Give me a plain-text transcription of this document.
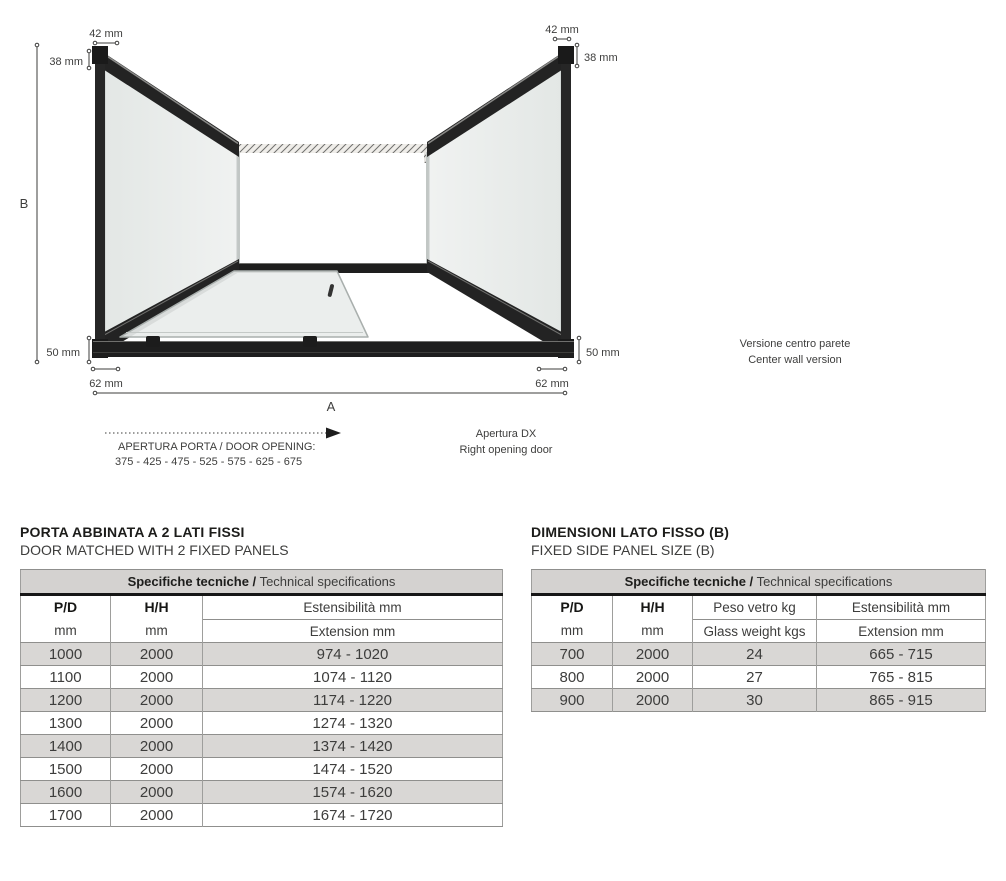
42 mm
38 mm
B
50 mm
62 mm
A
42 mm
38 mm
50 mm
62 mm
APERTURA PORTA / DOOR OPENING:
375 - 425 - 475 - 525 - 575 - 625 - 675
Apertura DX
Right opening door
Versione centro parete
Center wall version
PORTA ABBINATA A 2 LATI FISSI
DOOR MATCHED WITH 2 FIXED PANELS
Specifiche tecniche / Technical specifications		

P/D
mm

H/H
mm

Estensibilità mm
Extension mm

1000	2000	974 - 1020
1100	2000	1074 - 1120
1200	2000	1174 - 1220
1300	2000	1274 - 1320
1400	2000	1374 - 1420
1500	2000	1474 - 1520
1600	2000	1574 - 1620
1700	2000	1674 - 1720
DIMENSIONI LATO FISSO (B)
FIXED SIDE PANEL SIZE (B)
Specifiche tecniche / Technical specifications			

P/D
mm

H/H
mm

Peso vetro kg
Glass weight kgs

Estensibilità mm
Extension mm

700	2000	24	665 - 715
800	2000	27	765 - 815
900	2000	30	865 - 915
